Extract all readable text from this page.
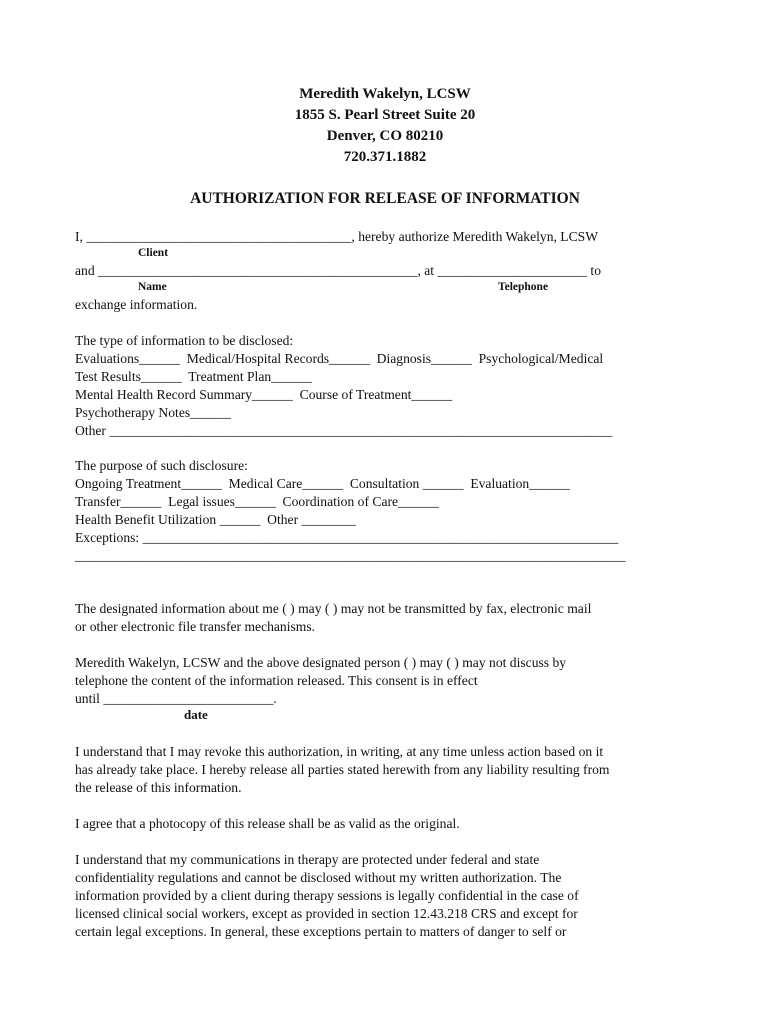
Meredith Wakelyn, LCSW
1855 S. Pearl Street Suite 20
Denver, CO 80210
720.371.1882
AUTHORIZATION FOR RELEASE OF INFORMATION
I, _______________________________________, hereby authorize Meredith Wakelyn, LCSW
Client
and _______________________________________________, at ______________________ to
Name	Telephone
exchange information.
The type of information to be disclosed:
Evaluations______  Medical/Hospital Records______  Diagnosis______  Psychological/Medical
Test Results______  Treatment Plan______
Mental Health Record Summary______  Course of Treatment______
Psychotherapy Notes______
Other __________________________________________________________________________
The purpose of such disclosure:
Ongoing Treatment______  Medical Care______  Consultation ______  Evaluation______
Transfer______  Legal issues______  Coordination of Care______
Health Benefit Utilization ______  Other ________
Exceptions: ______________________________________________________________________
_________________________________________________________________________________
The designated information about me ( ) may ( ) may not be transmitted by fax, electronic mail
or other electronic file transfer mechanisms.
Meredith Wakelyn, LCSW and the above designated person ( ) may ( ) may not discuss by
telephone the content of the information released. This consent is in effect
until _________________________.
date
I understand that I may revoke this authorization, in writing, at any time unless action based on it
has already take place. I hereby release all parties stated herewith from any liability resulting from
the release of this information.
I agree that a photocopy of this release shall be as valid as the original.
I understand that my communications in therapy are protected under federal and state
confidentiality regulations and cannot be disclosed without my written authorization. The
information provided by a client during therapy sessions is legally confidential in the case of
licensed clinical social workers, except as provided in section 12.43.218 CRS and except for
certain legal exceptions. In general, these exceptions pertain to matters of danger to self or
